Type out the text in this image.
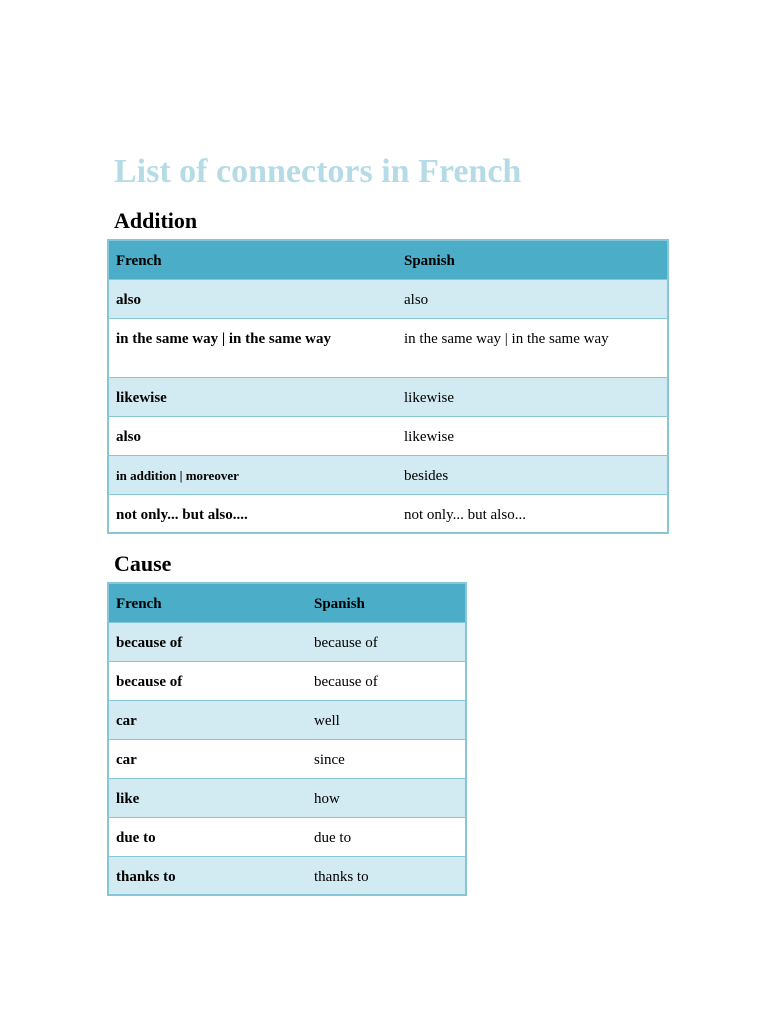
List of connectors in French
Addition
French	Spanish
also	also
in the same way | in the same way	in the same way | in the same way
likewise	likewise
also	likewise
in addition | moreover	besides
not only... but also....	not only... but also...
Cause
French	Spanish
because of	because of
because of	because of
car	well
car	since
like	how
due to	due to
thanks to	thanks to
